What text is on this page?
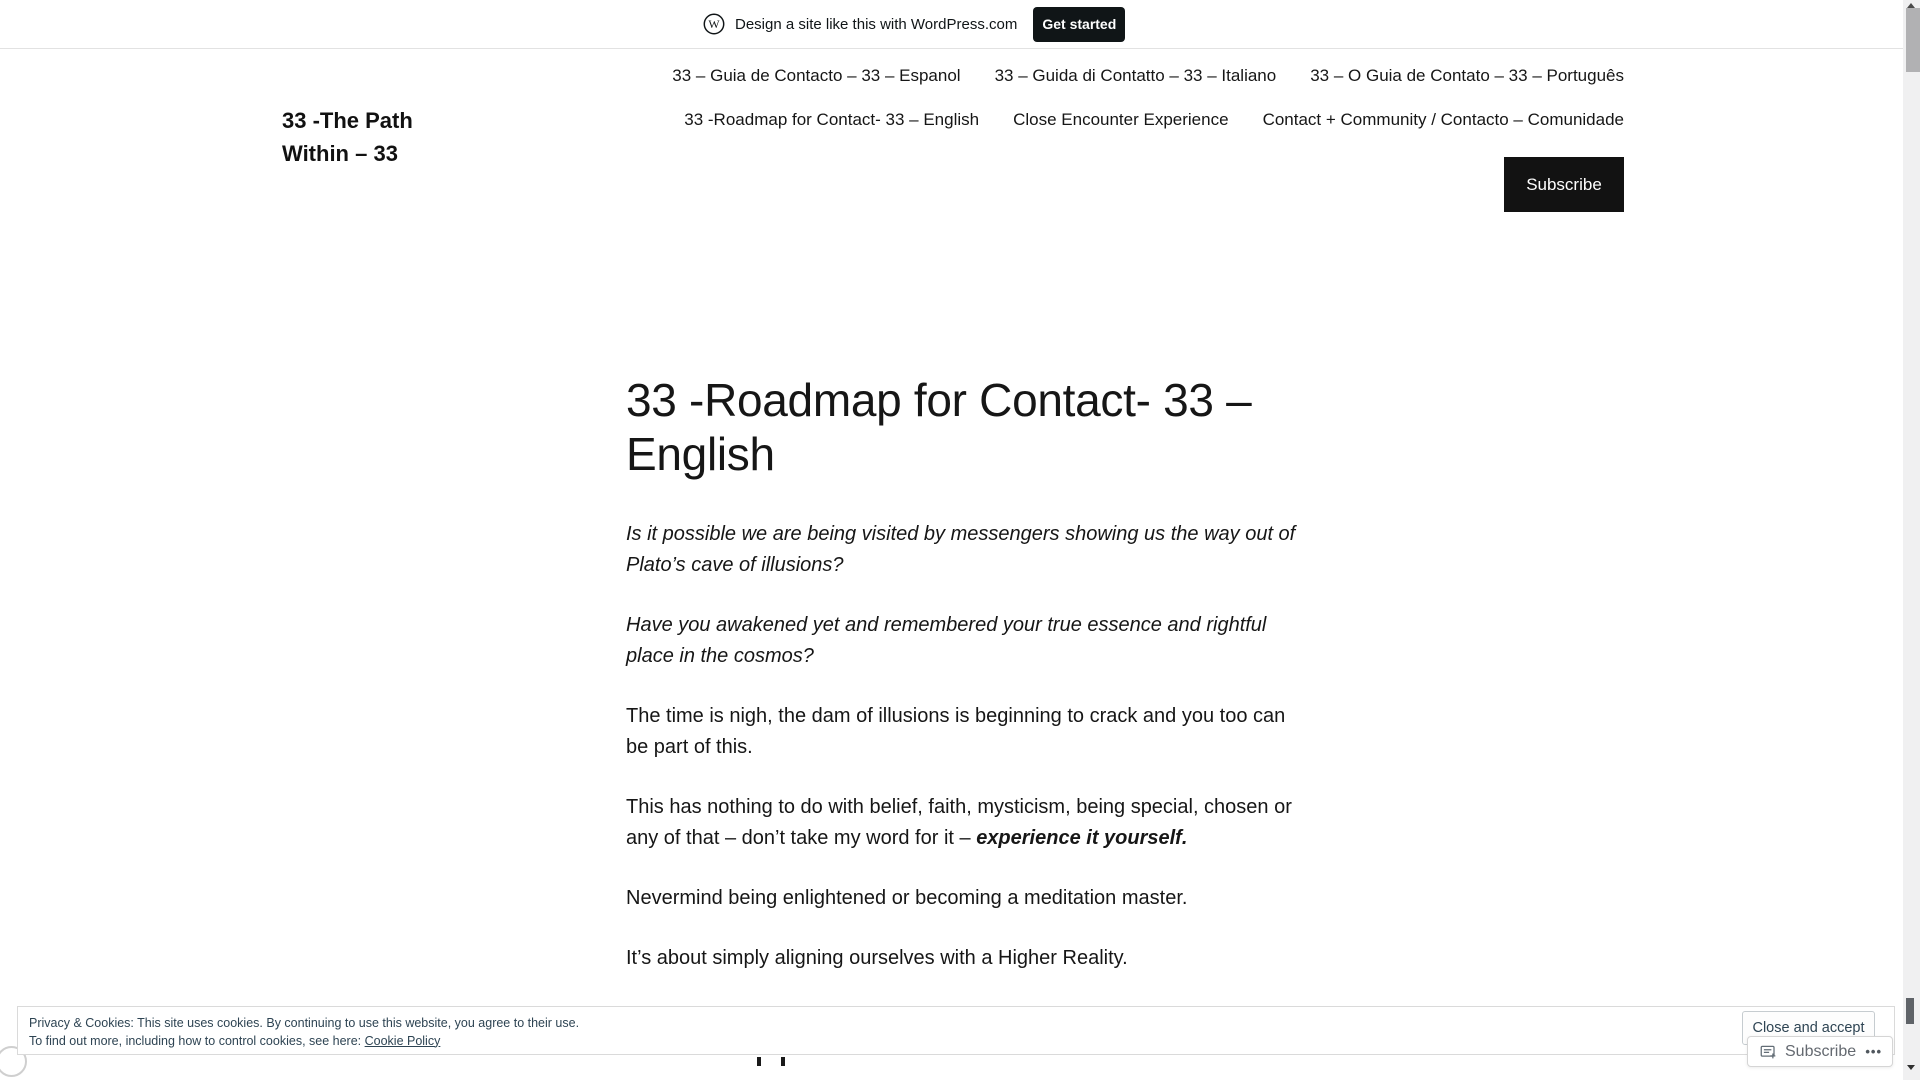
W Design a site like this with WordPress.com	Get started
33 -The Path
Within – 33
33 – Guia de Contacto – 33 – Espanol 33 – Guida di Contatto – 33 – Italiano 33 – O Guia de Contato – 33 – Português
33 -Roadmap for Contact- 33 – English Close Encounter Experience Contact + Community / Contacto – Comunidade
Subscribe
33 -Roadmap for Contact- 33 – English

Is it possible we are being visited by messengers showing us the way out of Plato’s cave of illusions?

Have you awakened yet and remembered your true essence and rightful place in the cosmos?

The time is nigh, the dam of illusions is beginning to crack and you too can be part of this.

This has nothing to do with belief, faith, mysticism, being special, chosen or any of that – don’t take my word for it – experience it yourself.

Nevermind being enlightened or becoming a meditation master.

It’s about simply aligning ourselves with a Higher Reality.

Privacy & Cookies: This site uses cookies. By continuing to use this website, you agree to their use.
To find out more, including how to control cookies, see here: Cookie Policy
Close and accept
Subscribe •••
